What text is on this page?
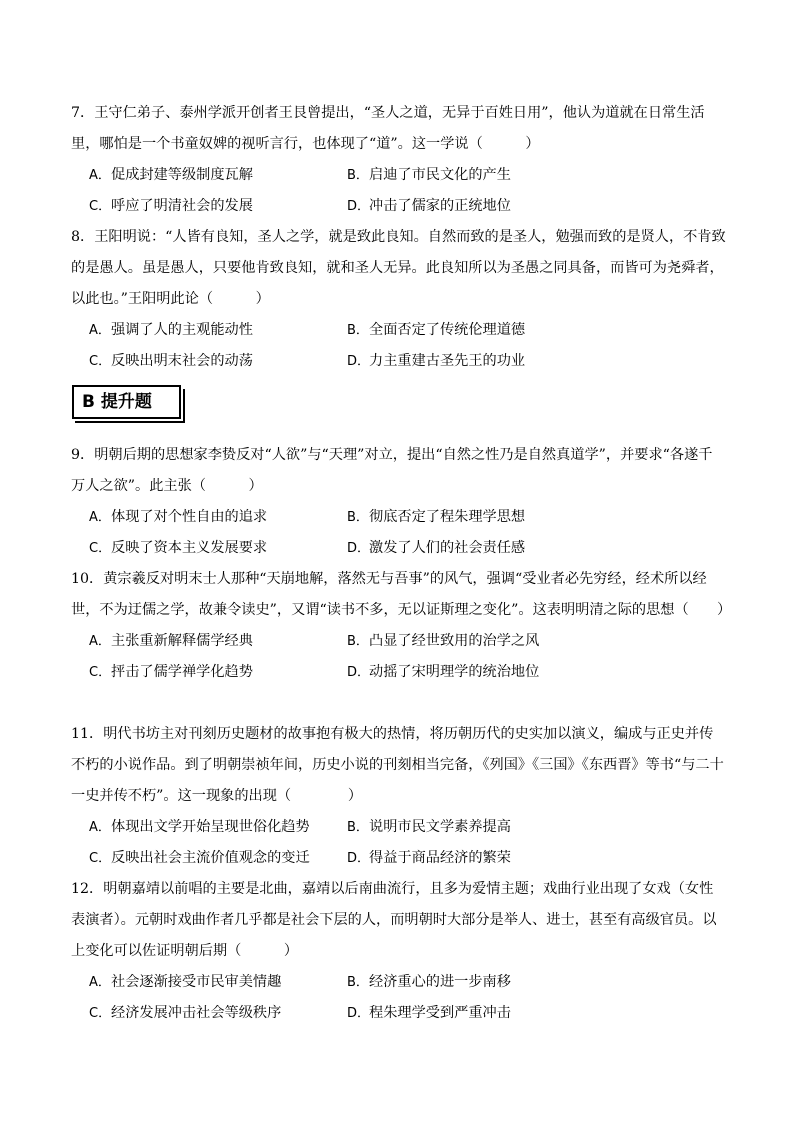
7．王守仁弟子、泰州学派开创者王艮曾提出，“圣人之道，无异于百姓日用”，他认为道就在日常生活里，哪怕是一个书童奴婢的视听言行，也体现了“道”。这一学说（　　　）

A．促成封建等级制度瓦解	B．启迪了市民文化的产生
C．呼应了明清社会的发展	D．冲击了儒家的正统地位

8．王阳明说：“人皆有良知，圣人之学，就是致此良知。自然而致的是圣人，勉强而致的是贤人，不肯致的是愚人。虽是愚人，只要他肯致良知，就和圣人无异。此良知所以为圣愚之同具备，而皆可为尧舜者，以此也。”王阳明此论（　　　）

A．强调了人的主观能动性	B．全面否定了传统伦理道德
C．反映出明末社会的动荡	D．力主重建古圣先王的功业
B 提升题

9．明朝后期的思想家李贽反对“人欲”与“天理”对立，提出“自然之性乃是自然真道学”，并要求“各遂千万人之欲”。此主张（　　　）

A．体现了对个性自由的追求	B．彻底否定了程朱理学思想
C．反映了资本主义发展要求	D．激发了人们的社会责任感

10．黄宗羲反对明末士人那种“天崩地解，落然无与吾事”的风气，强调“受业者必先穷经，经术所以经世，不为迂儒之学，故兼令读史”，又谓“读书不多，无以证斯理之变化”。这表明明清之际的思想（　　）

A．主张重新解释儒学经典	B．凸显了经世致用的治学之风
C．抨击了儒学禅学化趋势	D．动摇了宋明理学的统治地位

11．明代书坊主对刊刻历史题材的故事抱有极大的热情，将历朝历代的史实加以演义，编成与正史并传不朽的小说作品。到了明朝崇祯年间，历史小说的刊刻相当完备，《列国》《三国》《东西晋》等书“与二十一史并传不朽”。这一现象的出现（　　　　）

A．体现出文学开始呈现世俗化趋势	B．说明市民文学素养提高
C．反映出社会主流价值观念的变迁	D．得益于商品经济的繁荣

12．明朝嘉靖以前唱的主要是北曲，嘉靖以后南曲流行，且多为爱情主题；戏曲行业出现了女戏（女性表演者）。元朝时戏曲作者几乎都是社会下层的人，而明朝时大部分是举人、进士，甚至有高级官员。以上变化可以佐证明朝后期（　　　）

A．社会逐渐接受市民审美情趣	B．经济重心的进一步南移
C．经济发展冲击社会等级秩序	D．程朱理学受到严重冲击
